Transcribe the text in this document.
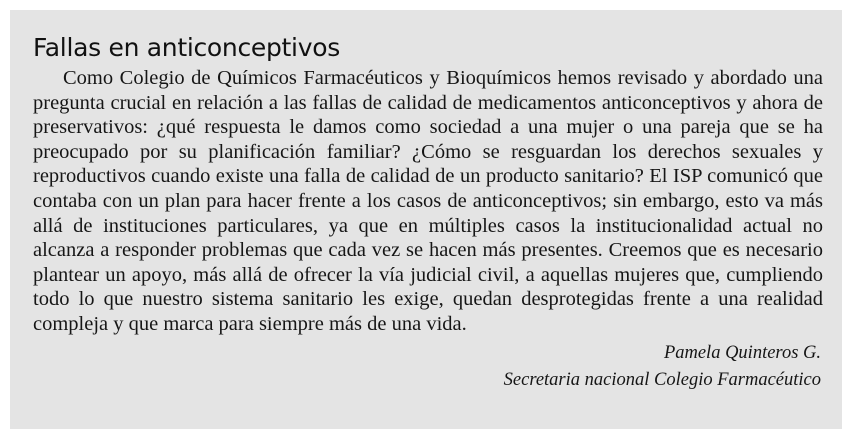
Fallas en anticonceptivos

Como Colegio de Químicos Farmacéuticos y Bioquímicos hemos revisado y abordado una pregunta crucial en relación a las fallas de calidad de medicamentos anticonceptivos y ahora de preservativos: ¿qué respuesta le damos como sociedad a una mujer o una pareja que se ha preocupado por su planificación familiar? ¿Cómo se resguardan los derechos sexuales y reproductivos cuando existe una falla de calidad de un producto sanitario? El ISP comunicó que contaba con un plan para hacer frente a los casos de anticonceptivos; sin embargo, esto va más allá de instituciones particulares, ya que en múltiples casos la institucionalidad actual no alcanza a responder problemas que cada vez se hacen más presentes. Creemos que es necesario plantear un apoyo, más allá de ofrecer la vía judicial civil, a aquellas mujeres que, cumpliendo todo lo que nuestro sistema sanitario les exige, quedan desprotegidas frente a una realidad compleja y que marca para siempre más de una vida.

Pamela Quinteros G.
Secretaria nacional Colegio Farmacéutico
